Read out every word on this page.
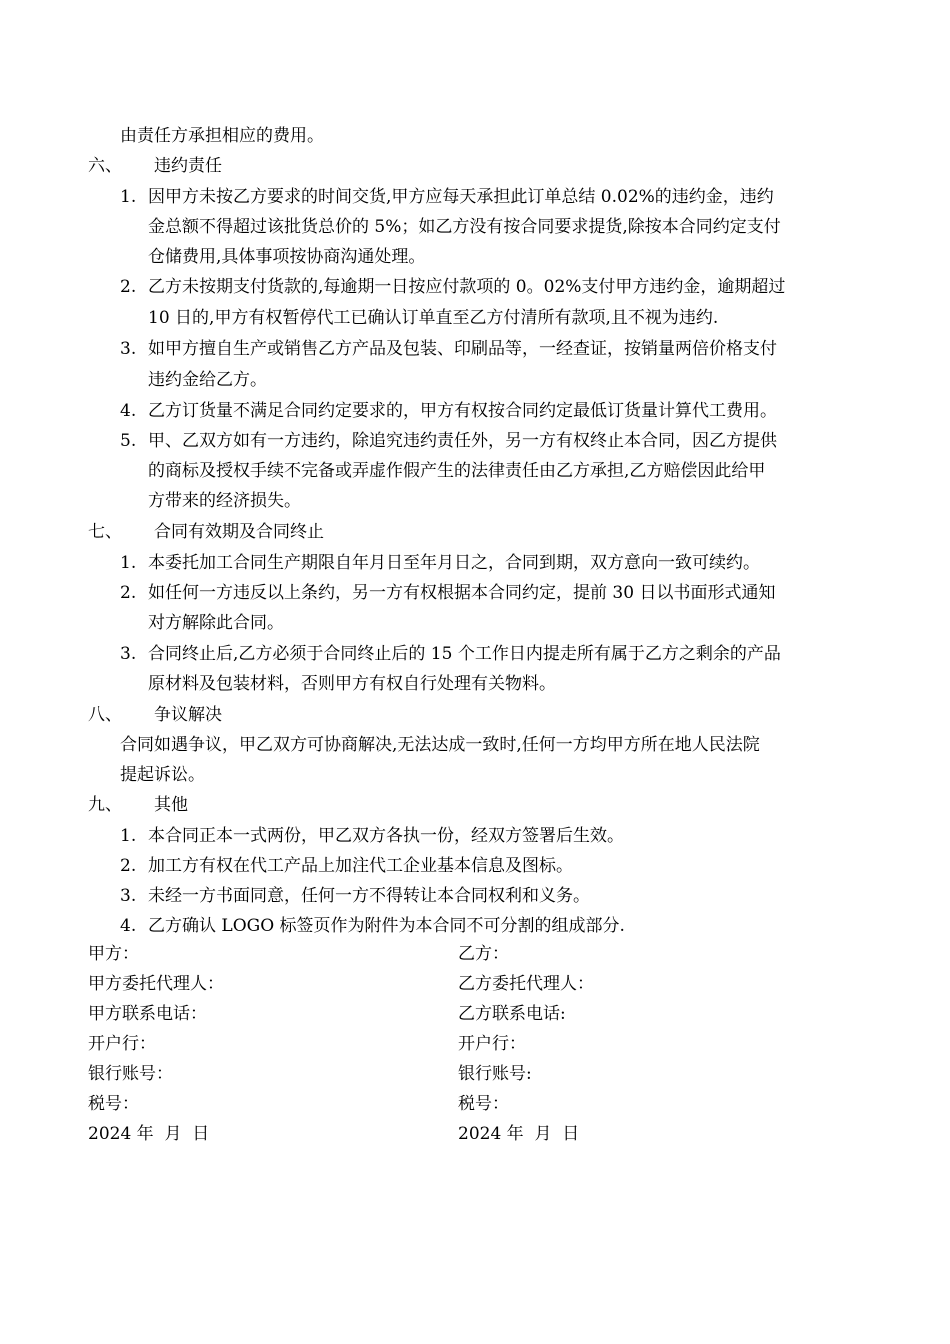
由责任方承担相应的费用。
六、 违约责任
1. 因甲方未按乙方要求的时间交货,甲方应每天承担此订单总结 0.02%的违约金，违约
金总额不得超过该批货总价的 5%；如乙方没有按合同要求提货,除按本合同约定支付
仓储费用,具体事项按协商沟通处理。
2. 乙方未按期支付货款的,每逾期一日按应付款项的 0。02%支付甲方违约金，逾期超过
10 日的,甲方有权暂停代工已确认订单直至乙方付清所有款项,且不视为违约.
3. 如甲方擅自生产或销售乙方产品及包装、印刷品等，一经查证，按销量两倍价格支付
违约金给乙方。
4. 乙方订货量不满足合同约定要求的，甲方有权按合同约定最低订货量计算代工费用。
5. 甲、乙双方如有一方违约，除追究违约责任外，另一方有权终止本合同，因乙方提供
的商标及授权手续不完备或弄虚作假产生的法律责任由乙方承担,乙方赔偿因此给甲
方带来的经济损失。
七、 合同有效期及合同终止
1. 本委托加工合同生产期限自年月日至年月日之，合同到期，双方意向一致可续约。
2. 如任何一方违反以上条约，另一方有权根据本合同约定，提前 30 日以书面形式通知
对方解除此合同。
3. 合同终止后,乙方必须于合同终止后的 15 个工作日内提走所有属于乙方之剩余的产品
原材料及包装材料，否则甲方有权自行处理有关物料。
八、 争议解决
合同如遇争议，甲乙双方可协商解决,无法达成一致时,任何一方均甲方所在地人民法院
提起诉讼。
九、 其他
1. 本合同正本一式两份，甲乙双方各执一份，经双方签署后生效。
2. 加工方有权在代工产品上加注代工企业基本信息及图标。
3. 未经一方书面同意，任何一方不得转让本合同权利和义务。
4. 乙方确认 LOGO 标签页作为附件为本合同不可分割的组成部分.
甲方：
甲方委托代理人：
甲方联系电话：
开户行：
银行账号：
税号：
2024 年  月  日
乙方：
乙方委托代理人：
乙方联系电话:
开户行：
银行账号:
税号：
2024 年  月  日
